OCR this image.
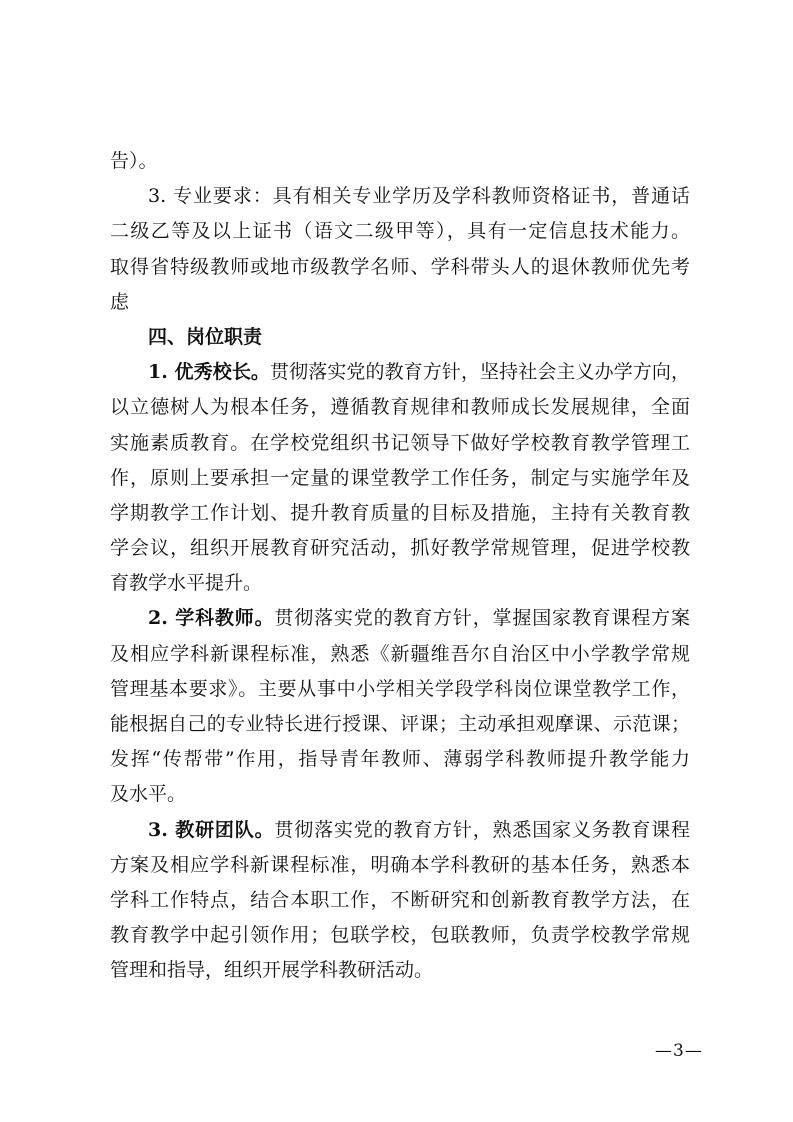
告）。
3. 专业要求：具有相关专业学历及学科教师资格证书，普通话
二级乙等及以上证书（语文二级甲等），具有一定信息技术能力。
取得省特级教师或地市级教学名师、学科带头人的退休教师优先考
虑
四、岗位职责
1. 优秀校长。贯彻落实党的教育方针，坚持社会主义办学方向，
以立德树人为根本任务，遵循教育规律和教师成长发展规律，全面
实施素质教育。在学校党组织书记领导下做好学校教育教学管理工
作，原则上要承担一定量的课堂教学工作任务，制定与实施学年及
学期教学工作计划、提升教育质量的目标及措施，主持有关教育教
学会议，组织开展教育研究活动，抓好教学常规管理，促进学校教
育教学水平提升。
2. 学科教师。贯彻落实党的教育方针，掌握国家教育课程方案
及相应学科新课程标准，熟悉《新疆维吾尔自治区中小学教学常规
管理基本要求》。主要从事中小学相关学段学科岗位课堂教学工作，
能根据自己的专业特长进行授课、评课；主动承担观摩课、示范课；
发挥“传帮带”作用，指导青年教师、薄弱学科教师提升教学能力
及水平。
3. 教研团队。贯彻落实党的教育方针，熟悉国家义务教育课程
方案及相应学科新课程标准，明确本学科教研的基本任务，熟悉本
学科工作特点，结合本职工作，不断研究和创新教育教学方法，在
教育教学中起引领作用；包联学校，包联教师，负责学校教学常规
管理和指导，组织开展学科教研活动。
—3—
